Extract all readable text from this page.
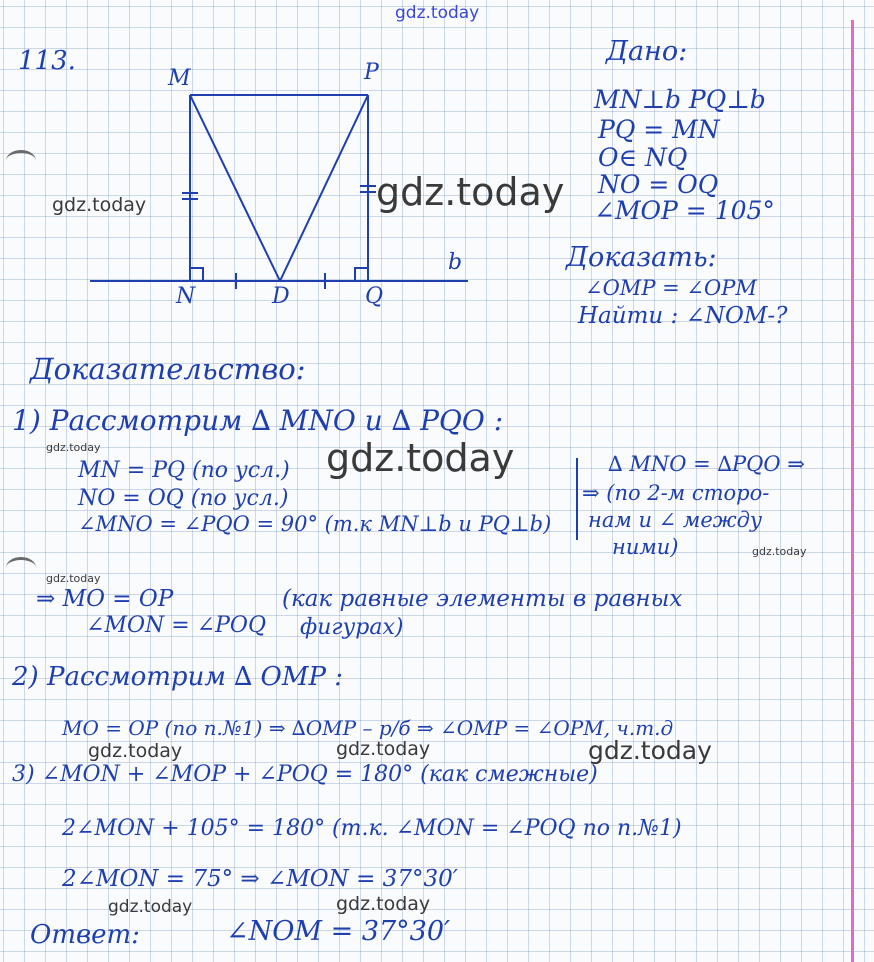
gdz.today
113.
M	P
N	D	Q
b
Дано:
MN⊥b PQ⊥b
PQ = MN
O∈ NQ
NO = OQ
∠MOP = 105°
Доказать:
∠OMP = ∠OPM
Найти : ∠NOM-?
Доказательство:
1) Рассмотрим ∆ MNO и ∆ PQO :
MN = PQ (по усл.)
NO = OQ (по усл.)
∠MNO = ∠PQO = 90° (т.к MN⊥b и PQ⊥b)
∆ MNO = ∆PQO ⇒
⇒ (по 2-м сторо-
нам и ∠ между
ними)
⇒ MO = OP
∠MON = ∠POQ
(как равные элементы в равных
фигурах)
2) Рассмотрим ∆ OMP :
MO = OP (по п.№1) ⇒ ∆OMP – р/б ⇒ ∠OMP = ∠OPM, ч.т.д
3) ∠MON + ∠MOP + ∠POQ = 180° (как смежные)
2∠MON + 105° = 180° (т.к. ∠MON = ∠POQ по п.№1)
2∠MON = 75° ⇒ ∠MON = 37°30′
Ответ:	∠NOM = 37°30′
gdz.today
gdz.today
gdz.today
gdz.today
gdz.today
gdz.today
gdz.today	gdz.today	gdz.today
gdz.today	gdz.today
